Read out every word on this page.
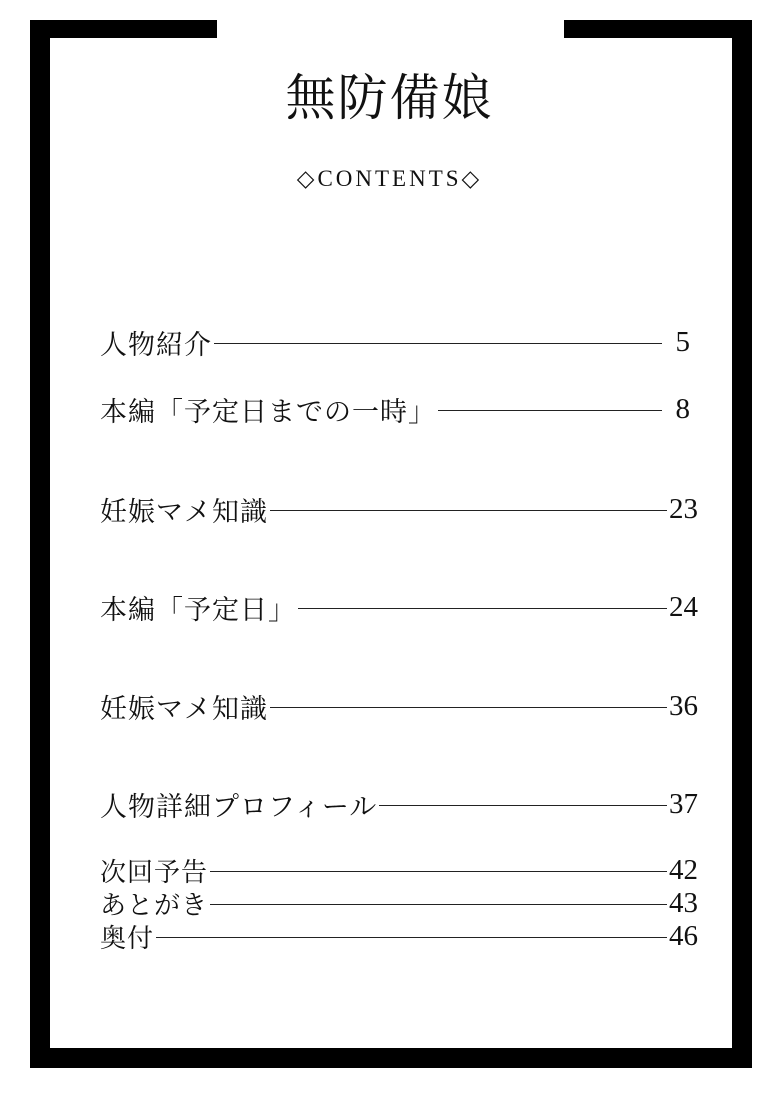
無防備娘
◇CONTENTS◇
人物紹介	5
本編「予定日までの一時」	8
妊娠マメ知識	23
本編「予定日」	24
妊娠マメ知識	36
人物詳細プロフィール	37
次回予告	42
あとがき	43
奥付	46
